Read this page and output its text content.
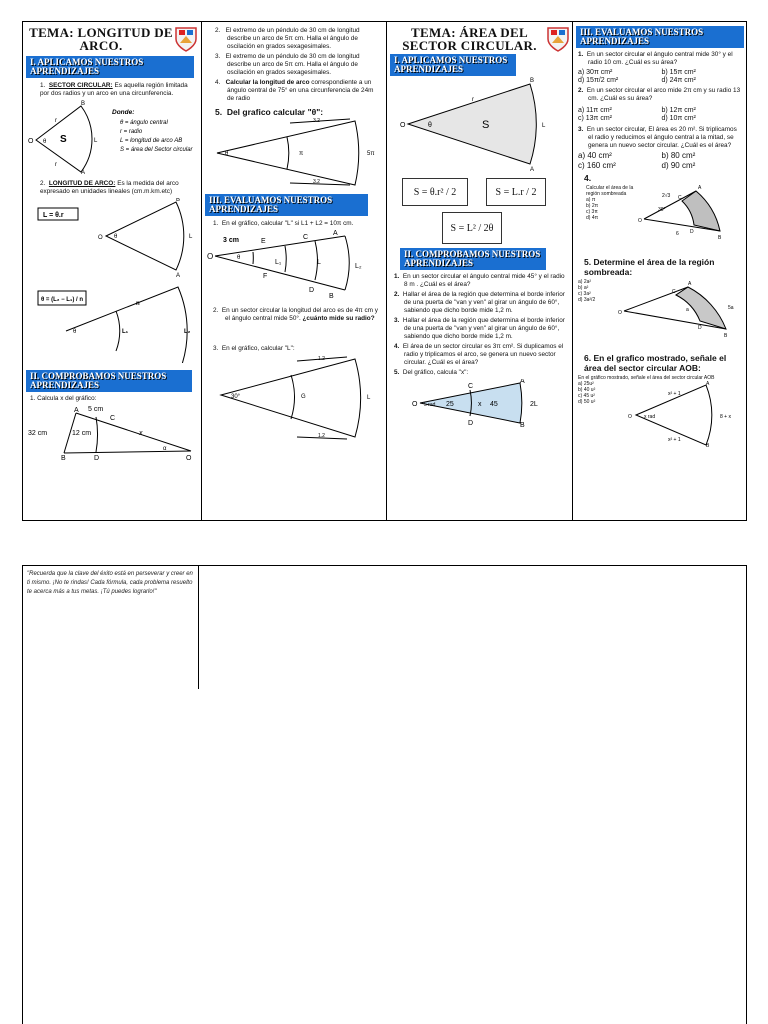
TEMA: LONGITUD DE ARCO.
I. APLICAMOS NUESTROS APRENDIZAJES
1.  SECTOR CIRCULAR: Es aquella región limitada por dos radios y un arco en una circunferencia.
O θ S
r
r
B
A
L
Donde:
θ = ángulo central
r = radio
L = longitud de arco AB
S = área del Sector circular
2.  LONGITUD DE ARCO: Es la medida del arco expresado en unidades lineales (cm.m.km.etc)
L = θ.r
O θ
B
L
A

θ = (L₂ − L₁) / n
θ	L₁	L₂
n
II. COMPROBAMOS NUESTROS APRENDIZAJES
1. Calcula x del gráfico:
A 5 cm
C
32 cm	12 cm	x
α
B	D	O
2.   El extremo de un péndulo de 30 cm de longitud describe un arco de 5π cm. Halla el ángulo de oscilación en grados sexagesimales.
3.   El extremo de un péndulo de 30 cm de longitud describe un arco de 5π cm. Halla el ángulo de oscilación en grados sexagesimales.
4.   Calcular la longitud de arco correspondiente a un ángulo central de 75° en una circunferencia de 24m de radio
5.  Del grafico calcular "θ":
3.2
3.2
θ	π	5π
III. EVALUAMOS NUESTROS APRENDIZAJES
1.  En el gráfico, calcular "L" si L1 + L2 = 10π cm.
O
3 cm
θ
E
C
A
F
D
B
L₁	L
L₂
2.  En un sector circular la longitud del arco es de 4π cm y el ángulo central mide 50°. ¿cuánto mide su radio?
3.  En el gráfico, calcular "L":
1.2
1.2
30°	G	L
TEMA: ÁREA DEL SECTOR CIRCULAR.
I. APLICAMOS NUESTROS APRENDIZAJES
O	θ	S
B
L
A
r
S = θ.r² / 2	S = L.r / 2
S = L² / 2θ
II. COMPROBAMOS NUESTROS APRENDIZAJES
1. En un sector circular el ángulo central mide 45° y el radio 8 m . ¿Cuál es el área?
2. Hallar el área de la región que determina el borde inferior de una puerta de "van y ven" al girar un ángulo de 60°, sabiendo que dicho borde mide 1,2 m.
3. Hallar el área de la región que determina el borde inferior de una puerta de "van y ven" al girar un ángulo de 60°, sabiendo que dicho borde mide 1,2 m.
4. El área de un sector circular es 3π cm². Si duplicamos el radio y triplicamos el arco, se genera un nuevo sector circular. ¿Cuál es el área?
5. Del gráfico, calcula "x":
O 5 rad
C
A
25	x 45	2L
D	B
III. EVALUAMOS NUESTROS APRENDIZAJES
1. En un sector circular el ángulo central mide 30° y el radio 10 cm. ¿Cuál es su área?
a) 30π cm²	b) 15π cm²
d) 15π/2 cm²	d) 24π cm²
2. En un sector circular el arco mide 2π cm y su radio 13 cm. ¿Cuál es su área?
a) 11π cm²	b) 12π cm²
c) 13π cm²	d) 10π cm²
3. En un sector circular, El área es 20 m². Si triplicamos el radio y reducimos el ángulo central a la mitad, se genera un nuevo sector circular. ¿Cuál es el área?
a) 40 cm²	b) 80 cm²
c) 160 cm²	d) 90 cm²
4.
Calcular el área de la región sombreada
a) π
b) 2π
c) 3π
d) 4π	O
30°
2√3 C
A
D
6
B
5. Determine el área de la región sombreada:
a) 2a²
b) a²
c) 3a²
d) 3a²/2
O
C
A
a	5a
D
B
6. En el grafico mostrado, señale el área del sector circular AOB:
En el gráfico mostrado, señale el área del sector circular AOB
a) 25u²
b) 40 u²
c) 45 u²
d) 50 u²
O x rad
A
x² + 1
8 + x
x² + 1
B
"Recuerda que la clave del éxito está en perseverar y creer en ti mismo. ¡No te rindas! Cada fórmula, cada problema resuelto te acerca más a tus metas. ¡Tú puedes lograrlo!"
